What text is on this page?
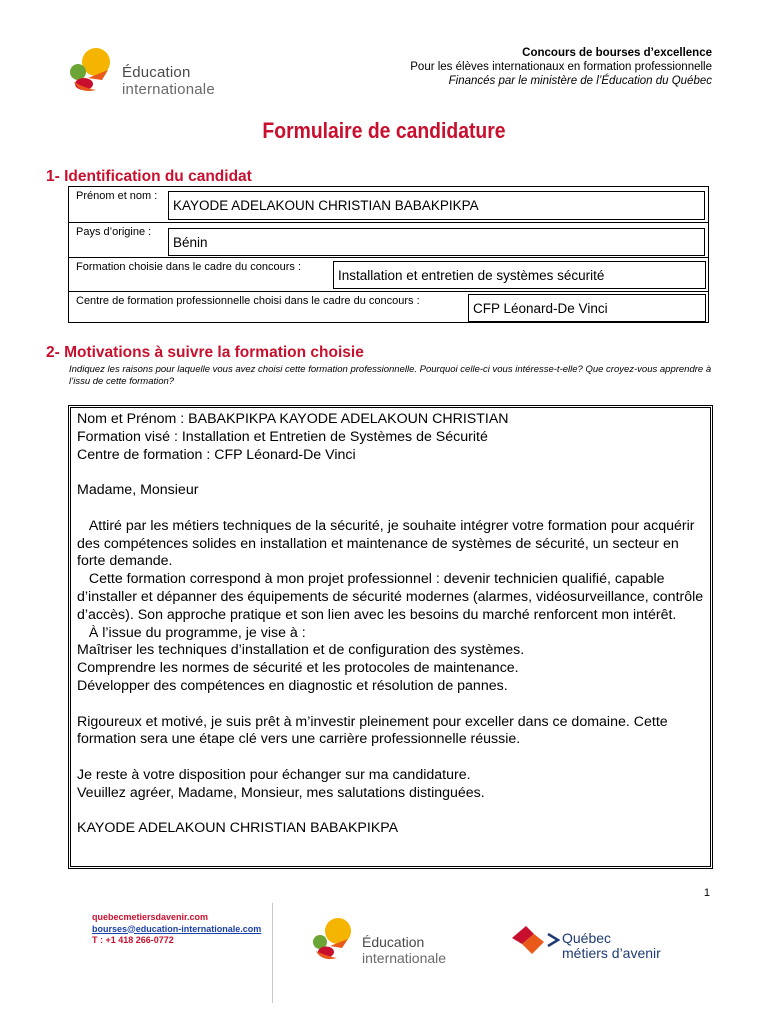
Éducation
internationale
Concours de bourses d’excellence
Pour les élèves internationaux en formation professionnelle
Financés par le ministère de l’Éducation du Québec
Formulaire de candidature
1- Identification du candidat
Prénom et nom :
KAYODE ADELAKOUN CHRISTIAN BABAKPIKPA
Pays d’origine :
Bénin
Formation choisie dans le cadre du concours :
Installation et entretien de systèmes sécurité
Centre de formation professionnelle choisi dans le cadre du concours :	CFP Léonard-De Vinci
2- Motivations à suivre la formation choisie
Indiquez les raisons pour laquelle vous avez choisi cette formation professionnelle. Pourquoi celle-ci vous intéresse-t-elle? Que croyez-vous apprendre à l’issu de cette formation?

Nom et Prénom : BABAKPIKPA KAYODE ADELAKOUN CHRISTIAN

Formation visé : Installation et Entretien de Systèmes de Sécurité

Centre de formation : CFP Léonard-De Vinci

Madame, Monsieur

Attiré par les métiers techniques de la sécurité, je souhaite intégrer votre formation pour acquérir des compétences solides en installation et maintenance de systèmes de sécurité, un secteur en forte demande.

Cette formation correspond à mon projet professionnel : devenir technicien qualifié, capable d’installer et dépanner des équipements de sécurité modernes (alarmes, vidéosurveillance, contrôle d’accès). Son approche pratique et son lien avec les besoins du marché renforcent mon intérêt.

À l’issue du programme, je vise à :

Maîtriser les techniques d’installation et de configuration des systèmes.

Comprendre les normes de sécurité et les protocoles de maintenance.

Développer des compétences en diagnostic et résolution de pannes.

Rigoureux et motivé, je suis prêt à m’investir pleinement pour exceller dans ce domaine. Cette formation sera une étape clé vers une carrière professionnelle réussie.

Je reste à votre disposition pour échanger sur ma candidature.

Veuillez agréer, Madame, Monsieur, mes salutations distinguées.

KAYODE ADELAKOUN CHRISTIAN BABAKPIKPA

1
quebecmetiersdavenir.com
bourses@education-internationale.com
T : +1 418 266-0772	Éducation
internationale
Québec
métiers d’avenir
